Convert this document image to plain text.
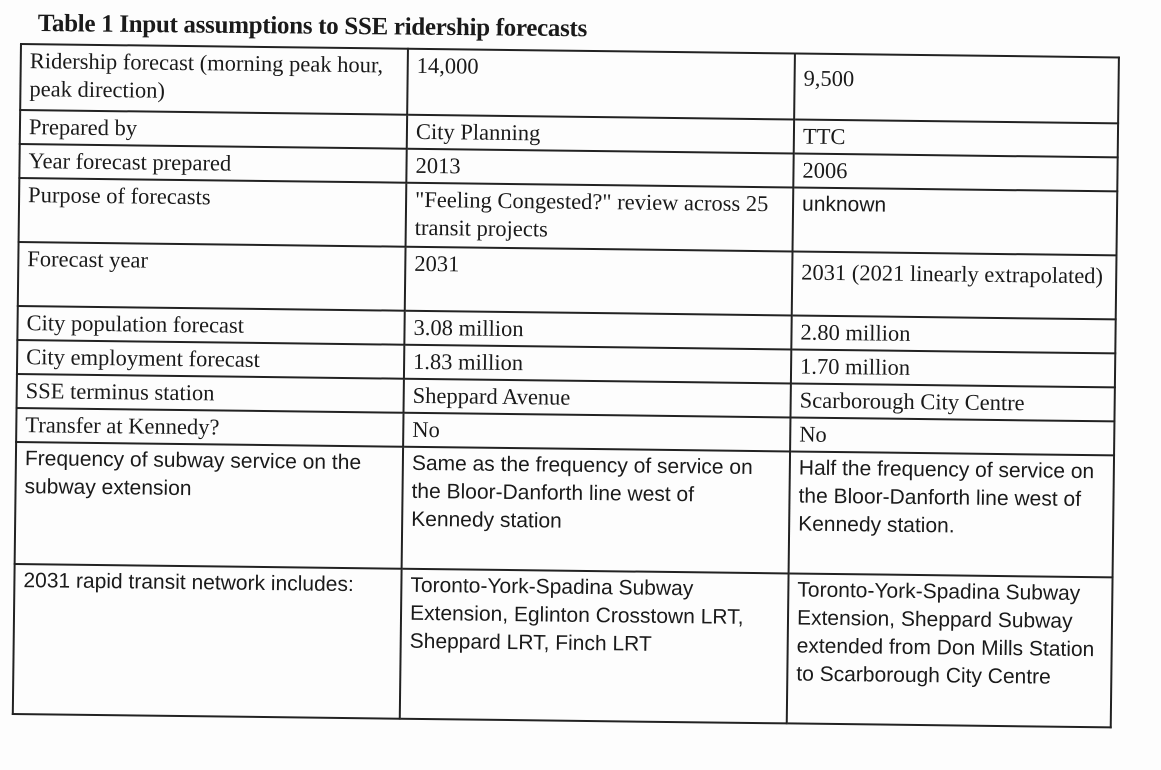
Table 1 Input assumptions to SSE ridership forecasts
Ridership forecast (morning peak hour, peak direction)	14,000	9,500
Prepared by	City Planning	TTC
Year forecast prepared	2013	2006
Purpose of forecasts	"Feeling Congested?" review across 25 transit projects	unknown
Forecast year	2031	2031 (2021 linearly extrapolated)
City population forecast	3.08 million	2.80 million
City employment forecast	1.83 million	1.70 million
SSE terminus station	Sheppard Avenue	Scarborough City Centre
Transfer at Kennedy?	No	No
Frequency of subway service on the subway extension	Same as the frequency of service on the Bloor-Danforth line west of Kennedy station	Half the frequency of service on the Bloor-Danforth line west of Kennedy station.
2031 rapid transit network includes:	Toronto-York-Spadina Subway Extension, Eglinton Crosstown LRT, Sheppard LRT, Finch LRT	Toronto-York-Spadina Subway Extension, Sheppard Subway extended from Don Mills Station to Scarborough City Centre
